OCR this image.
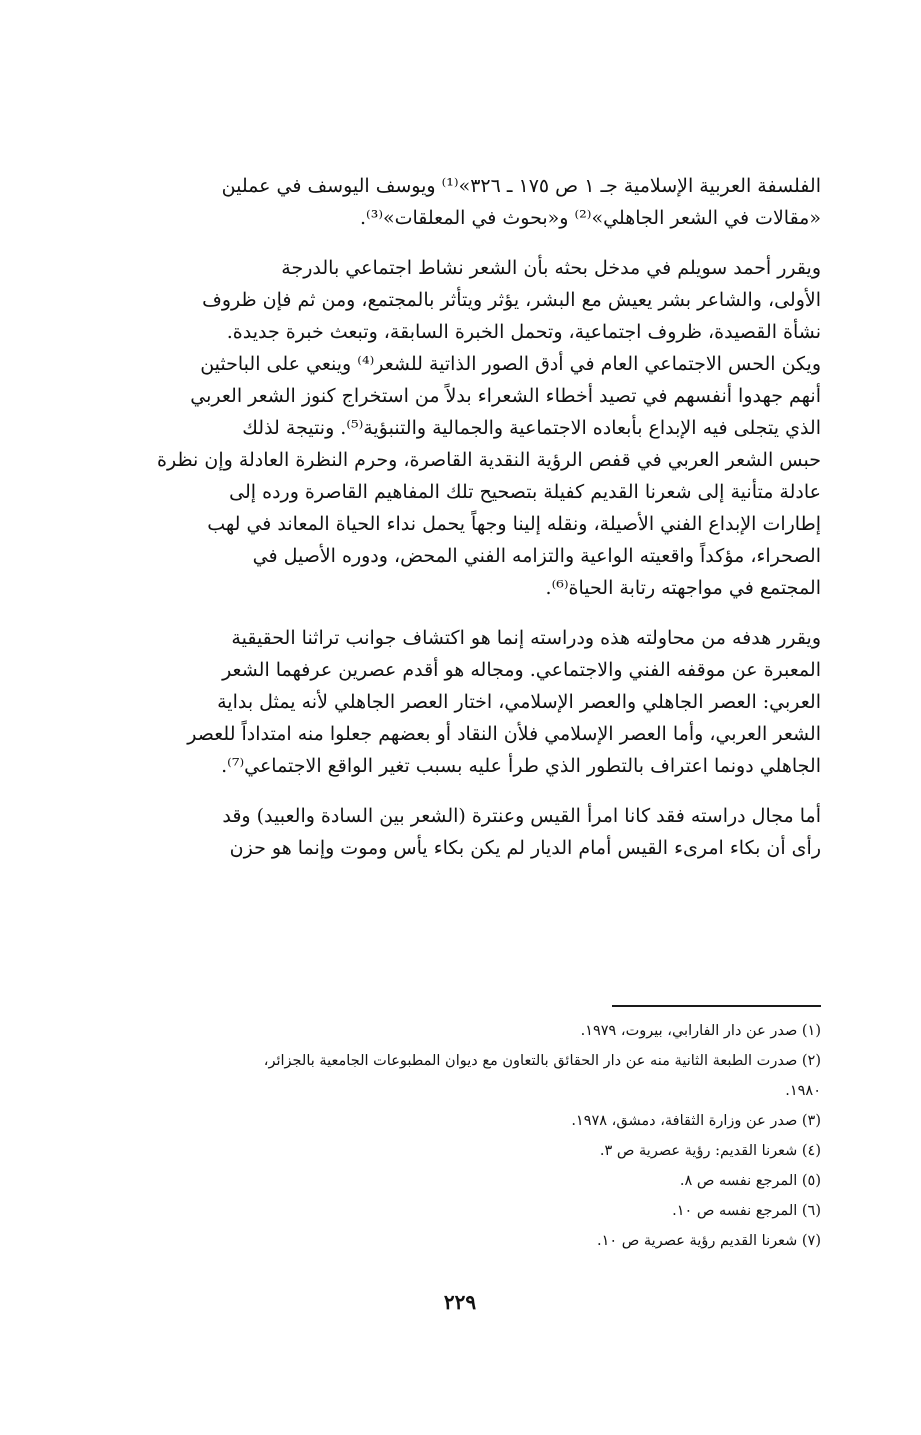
الفلسفة العربية الإسلامية جـ ١ ص ١٧٥ ـ ٣٢٦»⁽¹⁾ ويوسف اليوسف في عملين
«مقالات في الشعر الجاهلي»⁽²⁾ و«بحوث في المعلقات»⁽³⁾.
ويقرر أحمد سويلم في مدخل بحثه بأن الشعر نشاط اجتماعي بالدرجة
الأولى، والشاعر بشر يعيش مع البشر، يؤثر ويتأثر بالمجتمع، ومن ثم فإن ظروف
نشأة القصيدة، ظروف اجتماعية، وتحمل الخبرة السابقة، وتبعث خبرة جديدة.
ويكن الحس الاجتماعي العام في أدق الصور الذاتية للشعر⁽⁴⁾ وينعي على الباحثين
أنهم جهدوا أنفسهم في تصيد أخطاء الشعراء بدلاً من استخراج كنوز الشعر العربي
الذي يتجلى فيه الإبداع بأبعاده الاجتماعية والجمالية والتنبؤية⁽⁵⁾. ونتيجة لذلك
حبس الشعر العربي في قفص الرؤية النقدية القاصرة، وحرم النظرة العادلة وإن نظرة
عادلة متأنية إلى شعرنا القديم كفيلة بتصحيح تلك المفاهيم القاصرة ورده إلى
إطارات الإبداع الفني الأصيلة، ونقله إلينا وجهاً يحمل نداء الحياة المعاند في لهب
الصحراء، مؤكداً واقعيته الواعية والتزامه الفني المحض، ودوره الأصيل في
المجتمع في مواجهته رتابة الحياة⁽⁶⁾.
ويقرر هدفه من محاولته هذه ودراسته إنما هو اكتشاف جوانب تراثنا الحقيقية
المعبرة عن موقفه الفني والاجتماعي. ومجاله هو أقدم عصرين عرفهما الشعر
العربي: العصر الجاهلي والعصر الإسلامي، اختار العصر الجاهلي لأنه يمثل بداية
الشعر العربي، وأما العصر الإسلامي فلأن النقاد أو بعضهم جعلوا منه امتداداً للعصر
الجاهلي دونما اعتراف بالتطور الذي طرأ عليه بسبب تغير الواقع الاجتماعي⁽⁷⁾.
أما مجال دراسته فقد كانا امرأ القيس وعنترة (الشعر بين السادة والعبيد) وقد
رأى أن بكاء امرىء القيس أمام الديار لم يكن بكاء يأس وموت وإنما هو حزن
(١) صدر عن دار الفارابي، بيروت، ١٩٧٩.
(٢) صدرت الطبعة الثانية منه عن دار الحقائق بالتعاون مع ديوان المطبوعات الجامعية بالجزائر،
١٩٨٠.
(٣) صدر عن وزارة الثقافة، دمشق، ١٩٧٨.
(٤) شعرنا القديم: رؤية عصرية ص ٣.
(٥) المرجع نفسه ص ٨.
(٦) المرجع نفسه ص ١٠.
(٧) شعرنا القديم رؤية عصرية ص ١٠.
٢٢٩
